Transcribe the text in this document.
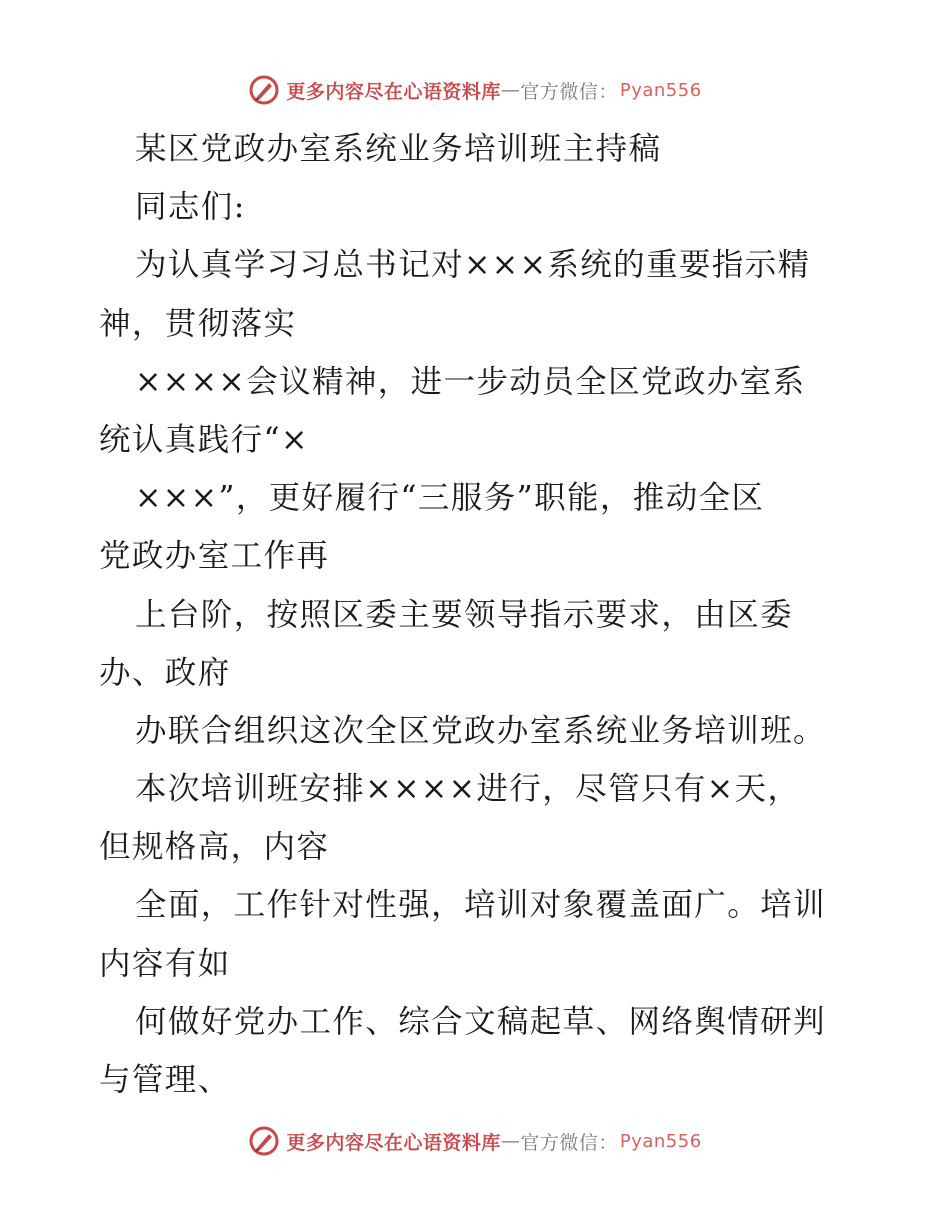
更多内容尽在心语资料库 — 官方微信： Pyan556
某区党政办室系统业务培训班主持稿
同志们:
为认真学习习总书记对×××系统的重要指示精
神，贯彻落实
××××会议精神，进一步动员全区党政办室系
统认真践行“×
×××”，更好履行“三服务”职能，推动全区
党政办室工作再
上台阶，按照区委主要领导指示要求，由区委
办、政府
办联合组织这次全区党政办室系统业务培训班。
本次培训班安排××××进行，尽管只有×天，
但规格高，内容
全面，工作针对性强，培训对象覆盖面广。培训
内容有如
何做好党办工作、综合文稿起草、网络舆情研判
与管理、
更多内容尽在心语资料库 — 官方微信： Pyan556
